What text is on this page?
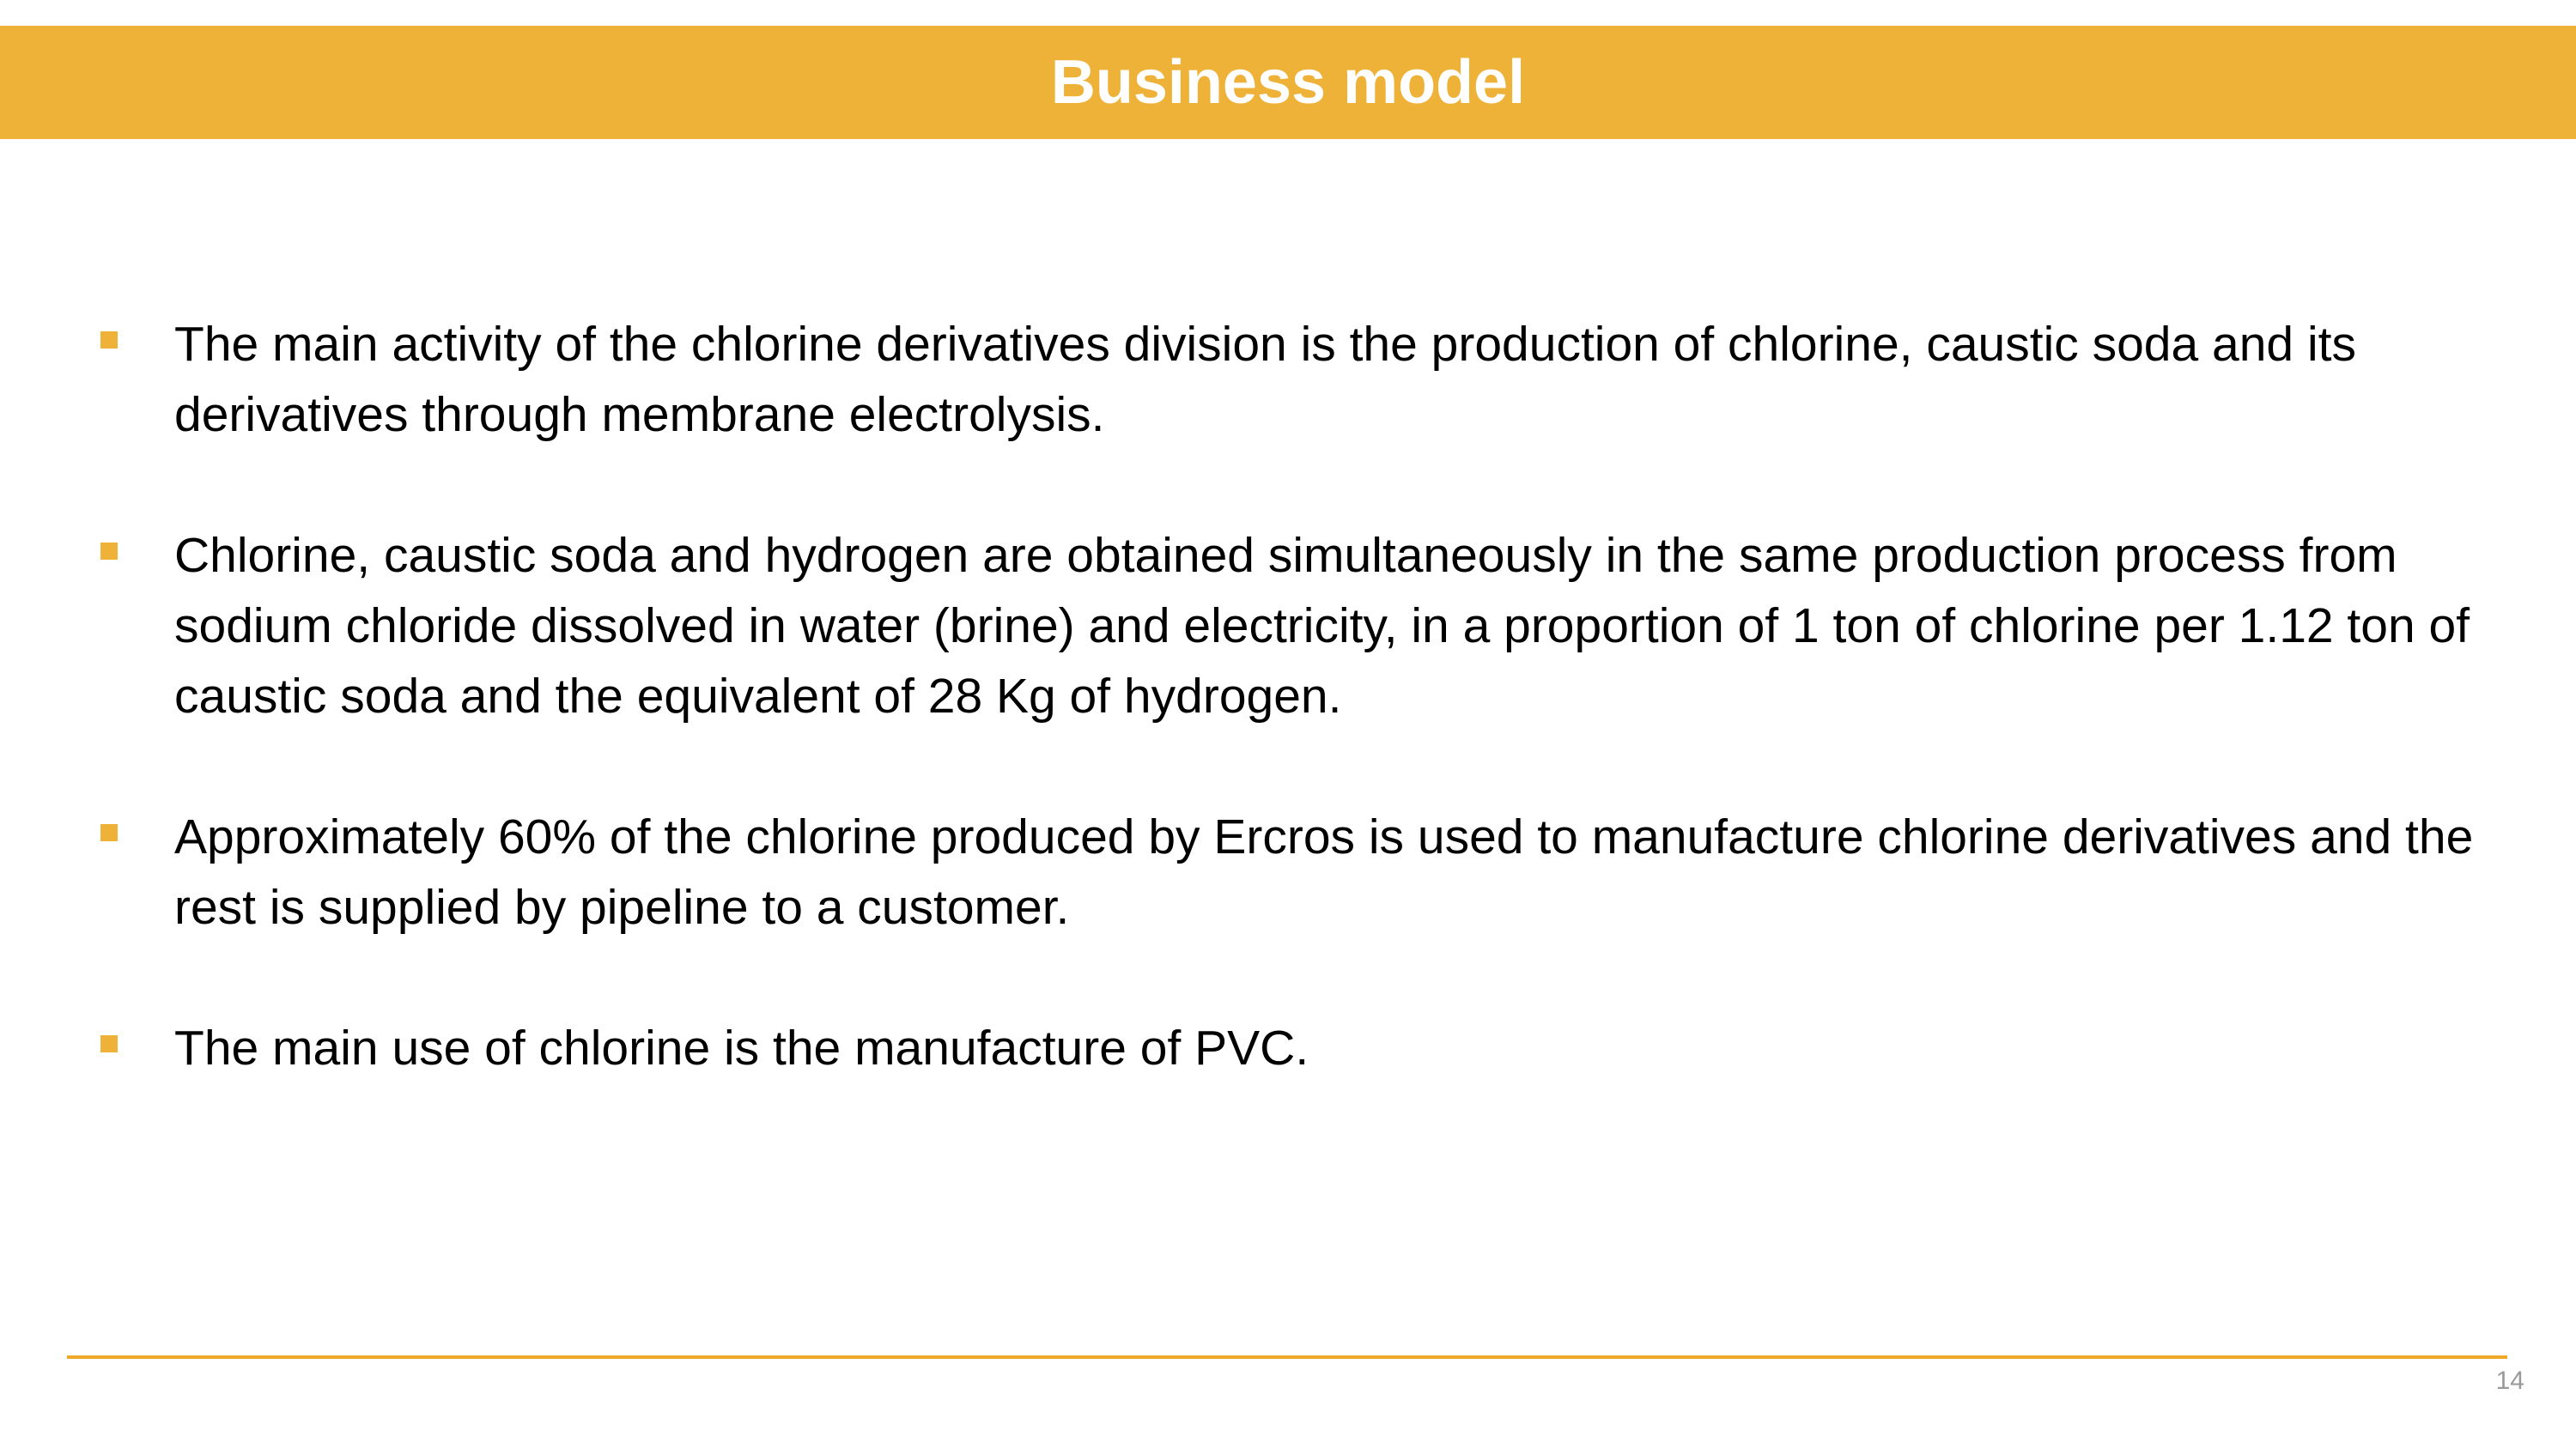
Business model
The main activity of the chlorine derivatives division is the production of chlorine, caustic soda and its derivatives through membrane electrolysis.
Chlorine, caustic soda and hydrogen are obtained simultaneously in the same production process from sodium chloride dissolved in water (brine) and electricity, in a proportion of 1 ton of chlorine per 1.12 ton of caustic soda and the equivalent of 28 Kg of hydrogen.
Approximately 60% of the chlorine produced by Ercros is used to manufacture chlorine derivatives and the rest is supplied by pipeline to a customer.
The main use of chlorine is the manufacture of PVC.
14
